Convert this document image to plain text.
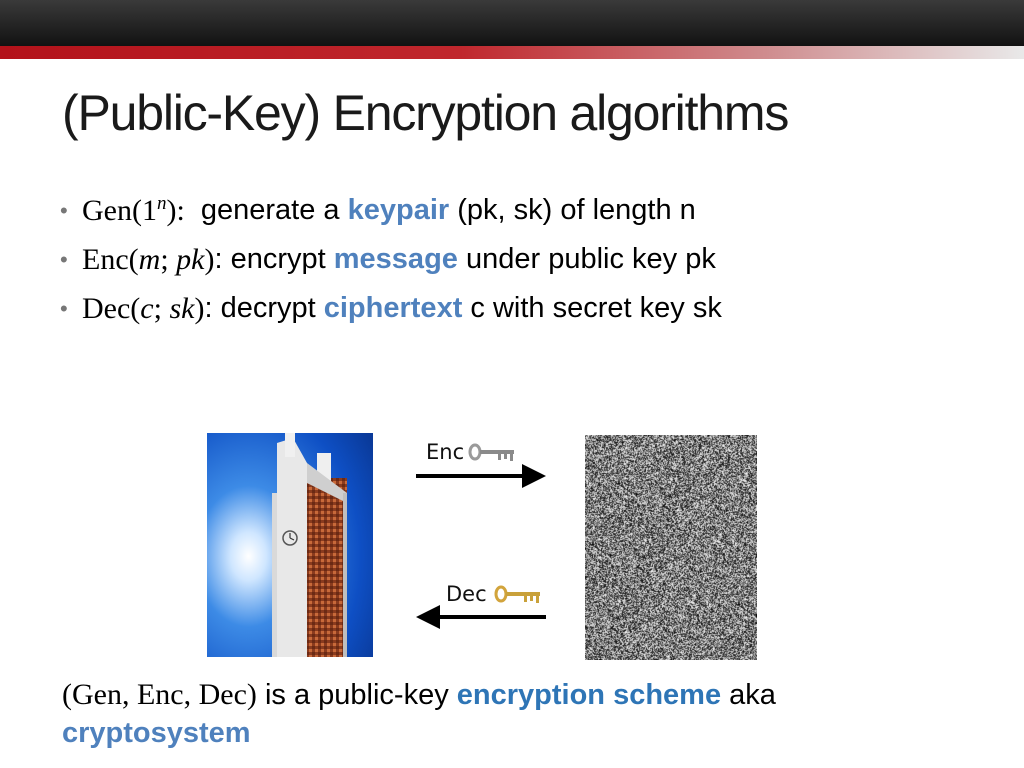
(Public-Key) Encryption algorithms
• Gen(1$^n$): generate a keypair (pk, sk) of length n
• Enc(m; pk) : encrypt message under public key pk
• Dec(c; sk) : decrypt ciphertext c with secret key sk
Enc
Dec
(Gen, Enc, Dec) is a public-key encryption scheme aka
cryptosystem
